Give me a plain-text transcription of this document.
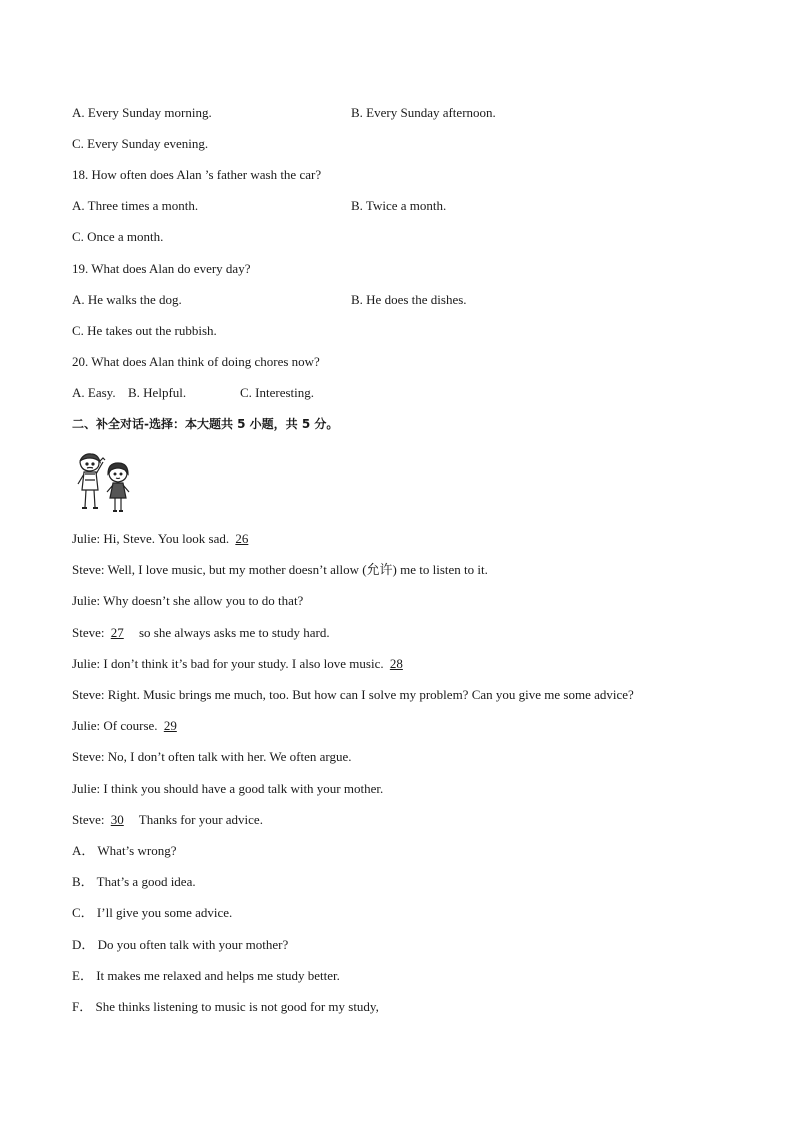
A. Every Sunday morning.	B. Every Sunday afternoon.
C. Every Sunday evening.
18. How often does Alan ’s father wash the car?
A. Three times a month.	B. Twice a month.
C. Once a month.
19. What does Alan do every day?
A. He walks the dog.	B. He does the dishes.
C. He takes out the rubbish.
20. What does Alan think of doing chores now?
A. Easy. B. Helpful.	C. Interesting.
二、补全对话-选择：本大题共 5 小题，共 5 分。
Julie: Hi, Steve. You look sad. 26
Steve: Well, I love music, but my mother doesn’t allow (允许) me to listen to it.
Julie: Why doesn’t she allow you to do that?
Steve: 27 so she always asks me to study hard.
Julie: I don’t think it’s bad for your study. I also love music. 28
Steve: Right. Music brings me much, too. But how can I solve my problem? Can you give me some advice?
Julie: Of course. 29
Steve: No, I don’t often talk with her. We often argue.
Julie: I think you should have a good talk with your mother.
Steve: 30 Thanks for your advice.
A． What’s wrong?
B． That’s a good idea.
C． I’ll give you some advice.
D． Do you often talk with your mother?
E． It makes me relaxed and helps me study better.
F． She thinks listening to music is not good for my study,
